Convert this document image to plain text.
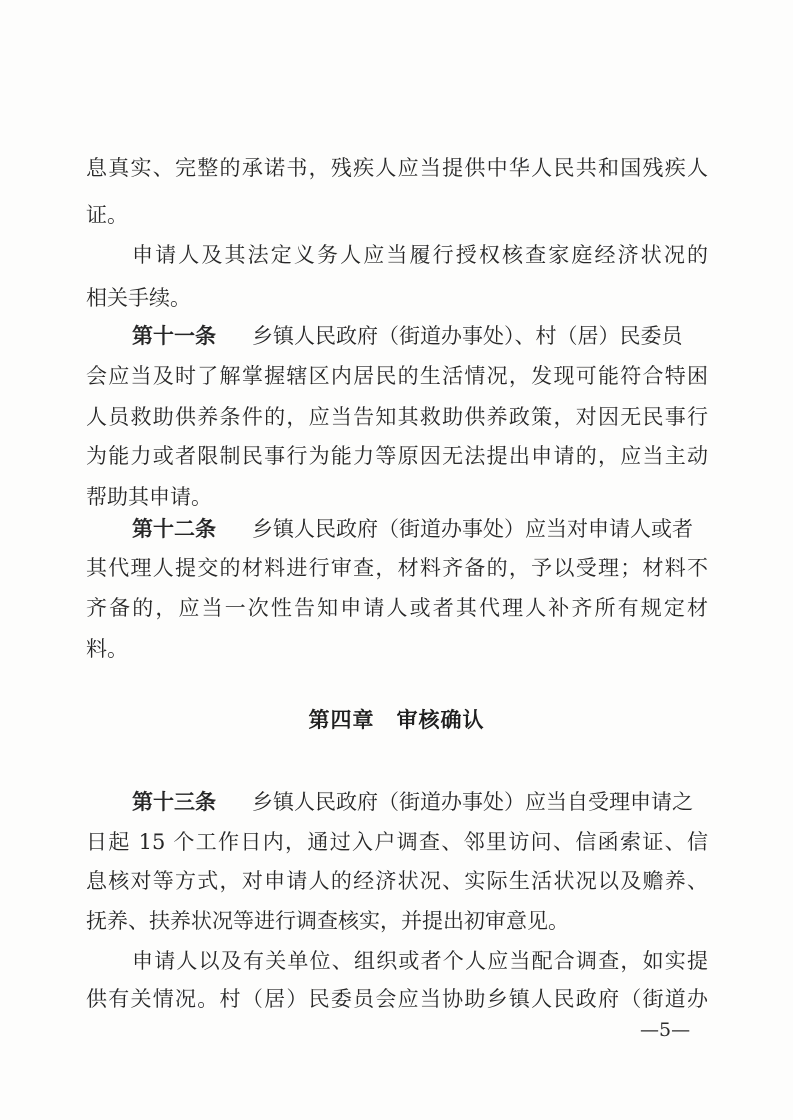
息真实、完整的承诺书，残疾人应当提供中华人民共和国残疾人
证。
申请人及其法定义务人应当履行授权核查家庭经济状况的
相关手续。
第十一条 乡镇人民政府（街道办事处）、村（居）民委员
会应当及时了解掌握辖区内居民的生活情况，发现可能符合特困
人员救助供养条件的，应当告知其救助供养政策，对因无民事行
为能力或者限制民事行为能力等原因无法提出申请的，应当主动
帮助其申请。
第十二条 乡镇人民政府（街道办事处）应当对申请人或者
其代理人提交的材料进行审查，材料齐备的，予以受理；材料不
齐备的，应当一次性告知申请人或者其代理人补齐所有规定材
料。
第十三条 乡镇人民政府（街道办事处）应当自受理申请之
日起 15 个工作日内，通过入户调查、邻里访问、信函索证、信
息核对等方式，对申请人的经济状况、实际生活状况以及赡养、
抚养、扶养状况等进行调查核实，并提出初审意见。
申请人以及有关单位、组织或者个人应当配合调查，如实提
供有关情况。村（居）民委员会应当协助乡镇人民政府（街道办
第四章　审核确认
—5—
